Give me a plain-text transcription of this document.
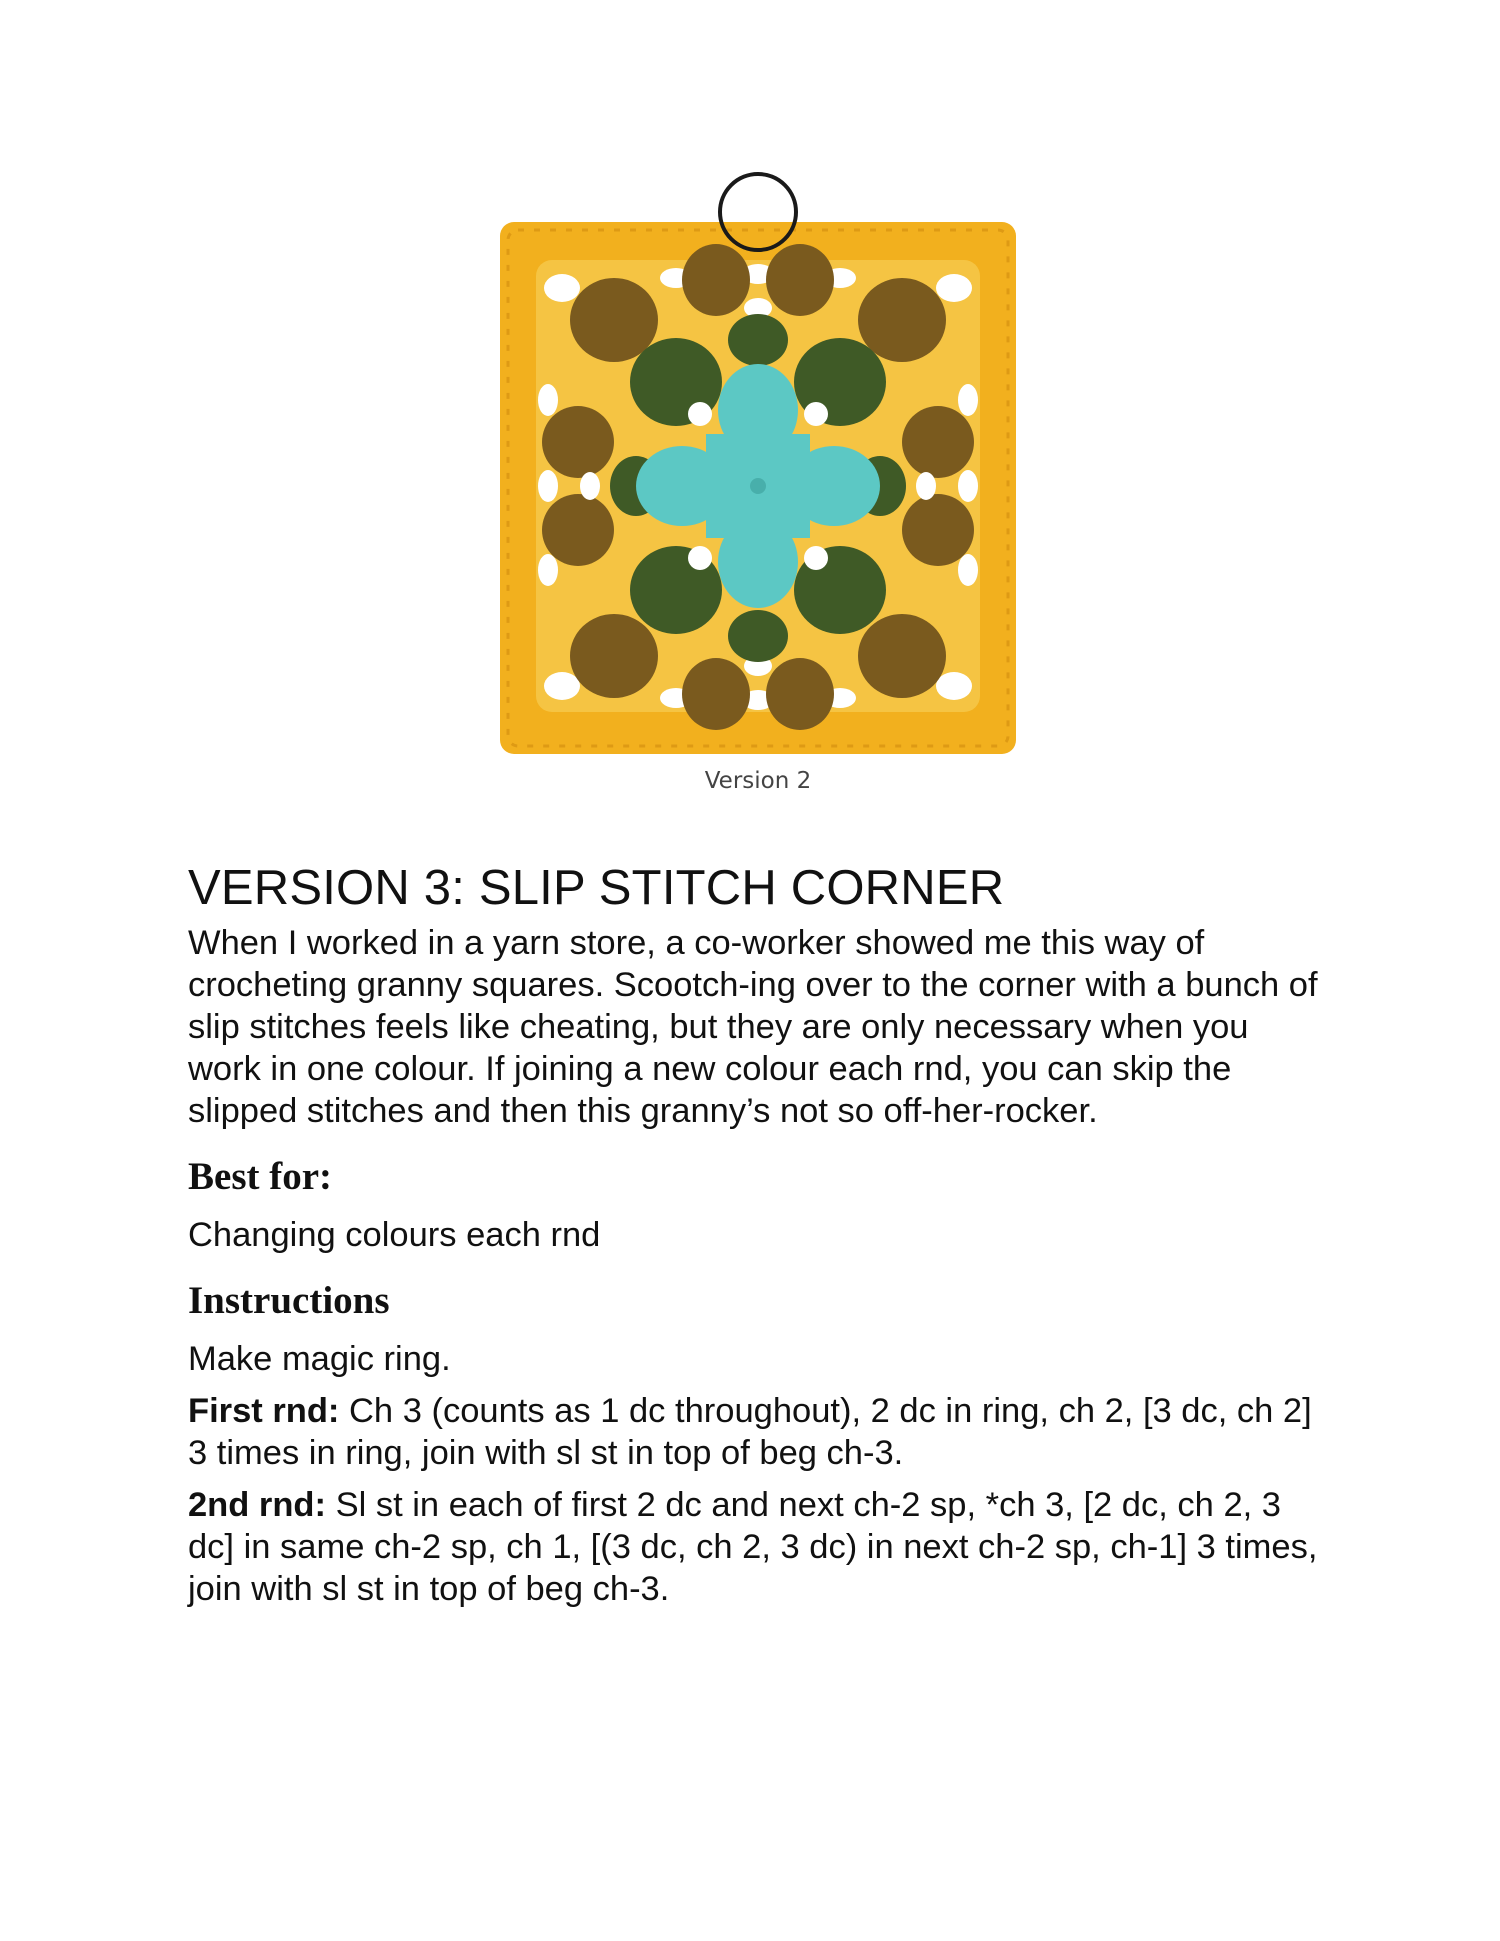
Version 2
VERSION 3: SLIP STITCH CORNER

When I worked in a yarn store, a co-worker showed me this way of crocheting granny squares. Scootch-ing over to the corner with a bunch of slip stitches feels like cheating, but they are only necessary when you work in one colour. If joining a new colour each rnd, you can skip the slipped stitches and then this granny’s not so off-her-rocker.

Best for:

Changing colours each rnd

Instructions

Make magic ring.

First rnd: Ch 3 (counts as 1 dc throughout), 2 dc in ring, ch 2, [3 dc, ch 2] 3 times in ring, join with sl st in top of beg ch-3.

2nd rnd: Sl st in each of first 2 dc and next ch-2 sp, *ch 3, [2 dc, ch 2, 3 dc] in same ch-2 sp, ch 1, [(3 dc, ch 2, 3 dc) in next ch-2 sp, ch-1] 3 times, join with sl st in top of beg ch-3.
